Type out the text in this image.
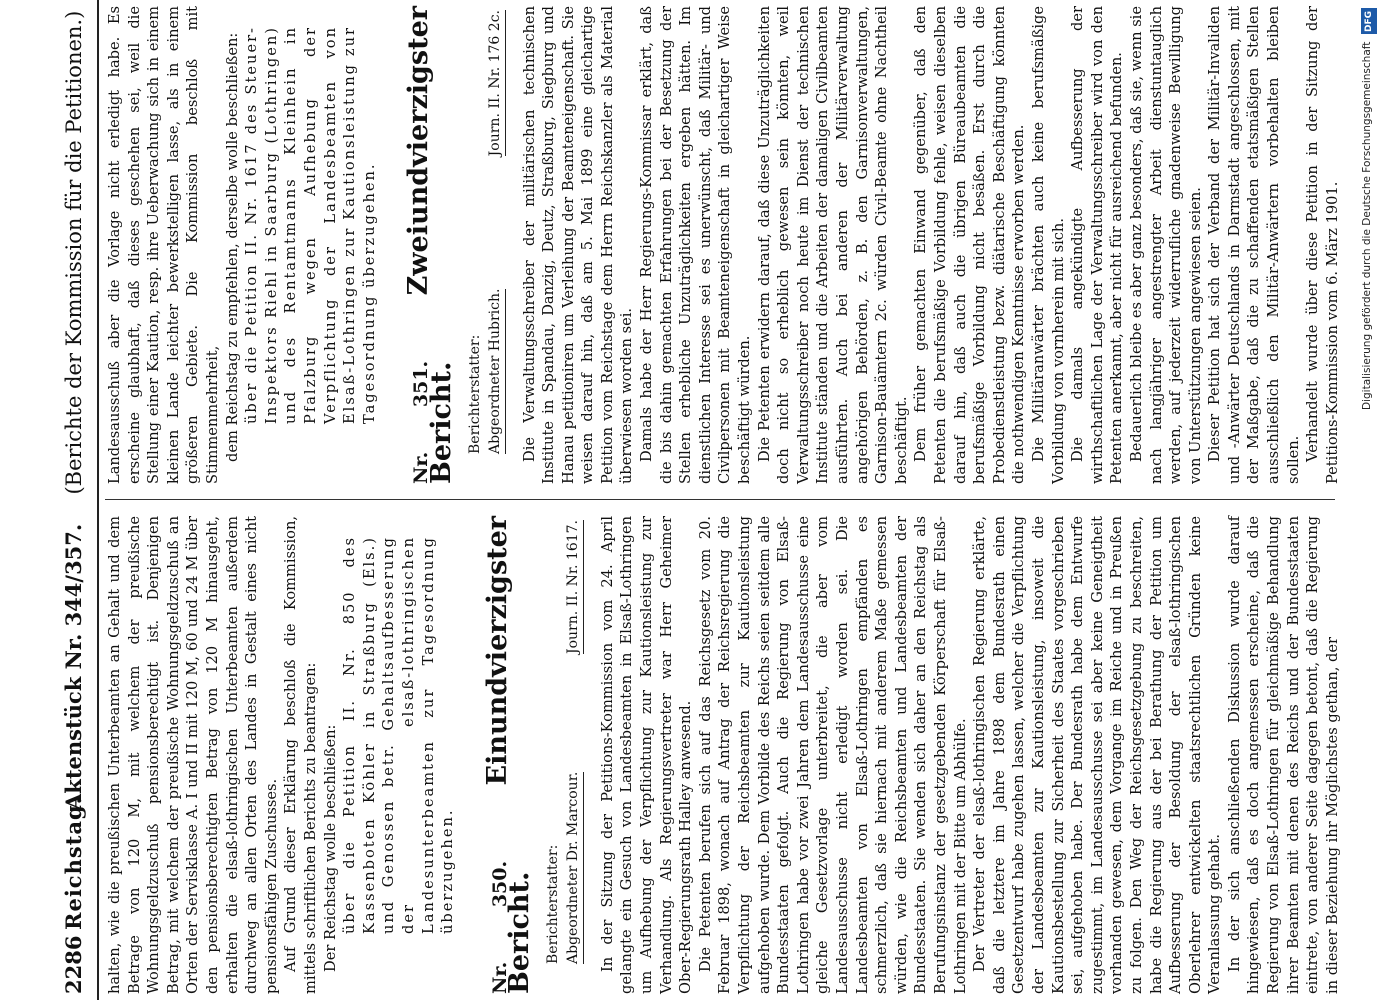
2286
Reichstag.
Aktenstück Nr. 344/357.    (Berichte der Kommission für die Petitionen.)

halten, wie die preußischen Unterbeamten an Gehalt und dem Betrage von 120 M, mit welchem der preußische Wohnungsgeldzuschuß pensionsberechtigt ist. Denjenigen Betrag, mit welchem der preußische Wohnungsgeldzuschuß an Orten der Servisklasse A. I und II mit 120 M, 60 und 24 M über den pensionsberechtigten Betrag von 120 M hinausgeht, erhalten die elsaß-lothringischen Unterbeamten außerdem durchweg an allen Orten des Landes in Gestalt eines nicht pensionsfähigen Zuschusses. Auf Grund dieser Erklärung beschloß die Kommission, mittels schriftlichen Berichts zu beantragen: Der Reichstag wolle beschließen: über die Petition II. Nr. 850 des Kassenboten Köhler in Straßburg (Els.) und Genossen betr. Gehaltsaufbesserung der elsaß-lothringischen Landesunterbeamten zur Tagesordnung überzugehen. Nr. 350. Einundvierzigster Bericht. Berichterstatter: Abgeordneter Dr. Marcour.
Journ. II. Nr. 1617. In der Sitzung der Petitions-Kommission vom 24. April gelangte ein Gesuch von Landesbeamten in Elsaß-Lothringen um Aufhebung der Verpflichtung zur Kautionsleistung zur Verhandlung. Als Regierungsvertreter war Herr Geheimer Ober-Regierungsrath Halley anwesend. Die Petenten berufen sich auf das Reichsgesetz vom 20. Februar 1898, wonach auf Antrag der Reichsregierung die Verpflichtung der Reichsbeamten zur Kautionsleistung aufgehoben wurde. Dem Vorbilde des Reichs seien seitdem alle Bundesstaaten gefolgt. Auch die Regierung von Elsaß-Lothringen habe vor zwei Jahren dem Landesausschusse eine gleiche Gesetzvorlage unterbreitet, die aber vom Landesausschusse nicht erledigt worden sei. Die Landesbeamten von Elsaß-Lothringen empfänden es schmerzlich, daß sie hiernach mit anderem Maße gemessen würden, wie die Reichsbeamten und Landesbeamten der Bundesstaaten. Sie wenden sich daher an den Reichstag als Berufungsinstanz der gesetzgebenden Körperschaft für Elsaß-Lothringen mit der Bitte um Abhülfe. Der Vertreter der elsaß-lothringischen Regierung erklärte, daß die letztere im Jahre 1898 dem Bundesrath einen Gesetzentwurf habe zugehen lassen, welcher die Verpflichtung der Landesbeamten zur Kautionsleistung, insoweit die Kautionsbestellung zur Sicherheit des Staates vorgeschrieben sei, aufgehoben habe. Der Bundesrath habe dem Entwurfe zugestimmt, im Landesausschusse sei aber keine Geneigtheit vorhanden gewesen, dem Vorgange im Reiche und in Preußen zu folgen. Den Weg der Reichsgesetzgebung zu beschreiten, habe die Regierung aus der bei Berathung der Petition um Aufbesserung der Besoldung der elsaß-lothringischen Oberlehrer entwickelten staatsrechtlichen Gründen keine Veranlassung gehabt. In der sich anschließenden Diskussion wurde darauf hingewiesen, daß es doch angemessen erscheine, daß die Regierung von Elsaß-Lothringen für gleichmäßige Behandlung ihrer Beamten mit denen des Reichs und der Bundesstaaten eintrete, von anderer Seite dagegen betont, daß die Regierung in dieser Beziehung ihr Möglichstes gethan, der

Landesausschuß aber die Vorlage nicht erledigt habe. Es erscheine glaubhaft, daß dieses geschehen sei, weil die Stellung einer Kaution, resp. ihre Ueberwachung sich in einem kleinen Lande leichter bewerkstelligen lasse, als in einem größeren Gebiete. Die Kommission beschloß mit Stimmenmehrheit, dem Reichstag zu empfehlen, derselbe wolle beschließen: über die Petition II. Nr. 1617 des Steuer-Inspektors Riehl in Saarburg (Lothringen) und des Rentamtmanns Kleinhein in Pfalzburg wegen Aufhebung der Verpflichtung der Landesbeamten von Elsaß-Lothringen zur Kautionsleistung zur Tagesordnung überzugehen. Nr. 351. Zweiundvierzigster Bericht. Berichterstatter: Abgeordneter Hubrich.
Journ. II. Nr. 176 2c. Die Verwaltungsschreiber der militärischen technischen Institute in Spandau, Danzig, Deutz, Straßburg, Siegburg und Hanau petitioniren um Verleihung der Beamteneigenschaft. Sie weisen darauf hin, daß am 5. Mai 1899 eine gleichartige Petition vom Reichstage dem Herrn Reichskanzler als Material überwiesen worden sei. Damals habe der Herr Regierungs-Kommissar erklärt, daß die bis dahin gemachten Erfahrungen bei der Besetzung der Stellen erhebliche Unzuträglichkeiten ergeben hätten. Im dienstlichen Interesse sei es unerwünscht, daß Militär- und Civilpersonen mit Beamteneigenschaft in gleichartiger Weise beschäftigt würden. Die Petenten erwidern darauf, daß diese Unzuträglichkeiten doch nicht so erheblich gewesen sein könnten, weil Verwaltungsschreiber noch heute im Dienst der technischen Institute ständen und die Arbeiten der damaligen Civilbeamten ausführten. Auch bei anderen der Militärverwaltung angehörigen Behörden, z. B. den Garnisonverwaltungen, Garnison-Bauämtern 2c. würden Civil-Beamte ohne Nachtheil beschäftigt. Dem früher gemachten Einwand gegenüber, daß den Petenten die berufsmäßige Vorbildung fehle, weisen dieselben darauf hin, daß auch die übrigen Büreaubeamten die berufsmäßige Vorbildung nicht besäßen. Erst durch die Probedienstleistung bezw. diätarische Beschäftigung könnten die nothwendigen Kenntnisse erworben werden. Die Militäranwärter brächten auch keine berufsmäßige Vorbildung von vornherein mit sich. Die damals angekündigte Aufbesserung der wirthschaftlichen Lage der Verwaltungsschreiber wird von den Petenten anerkannt, aber nicht für ausreichend befunden. Bedauerlich bleibe es aber ganz besonders, daß sie, wenn sie nach langjähriger angestrengter Arbeit dienstuntauglich werden, auf jederzeit widerrufliche gnadenweise Bewilligung von Unterstützungen angewiesen seien. Dieser Petition hat sich der Verband der Militär-Invaliden und -Anwärter Deutschlands in Darmstadt angeschlossen, mit der Maßgabe, daß die zu schaffenden etatsmäßigen Stellen ausschließlich den Militär-Anwärtern vorbehalten bleiben sollen. Verhandelt wurde über diese Petition in der Sitzung der Petitions-Kommission vom 6. März 1901.

DFG
Digitalisierung gefördert durch die Deutsche Forschungsgemeinschaft
